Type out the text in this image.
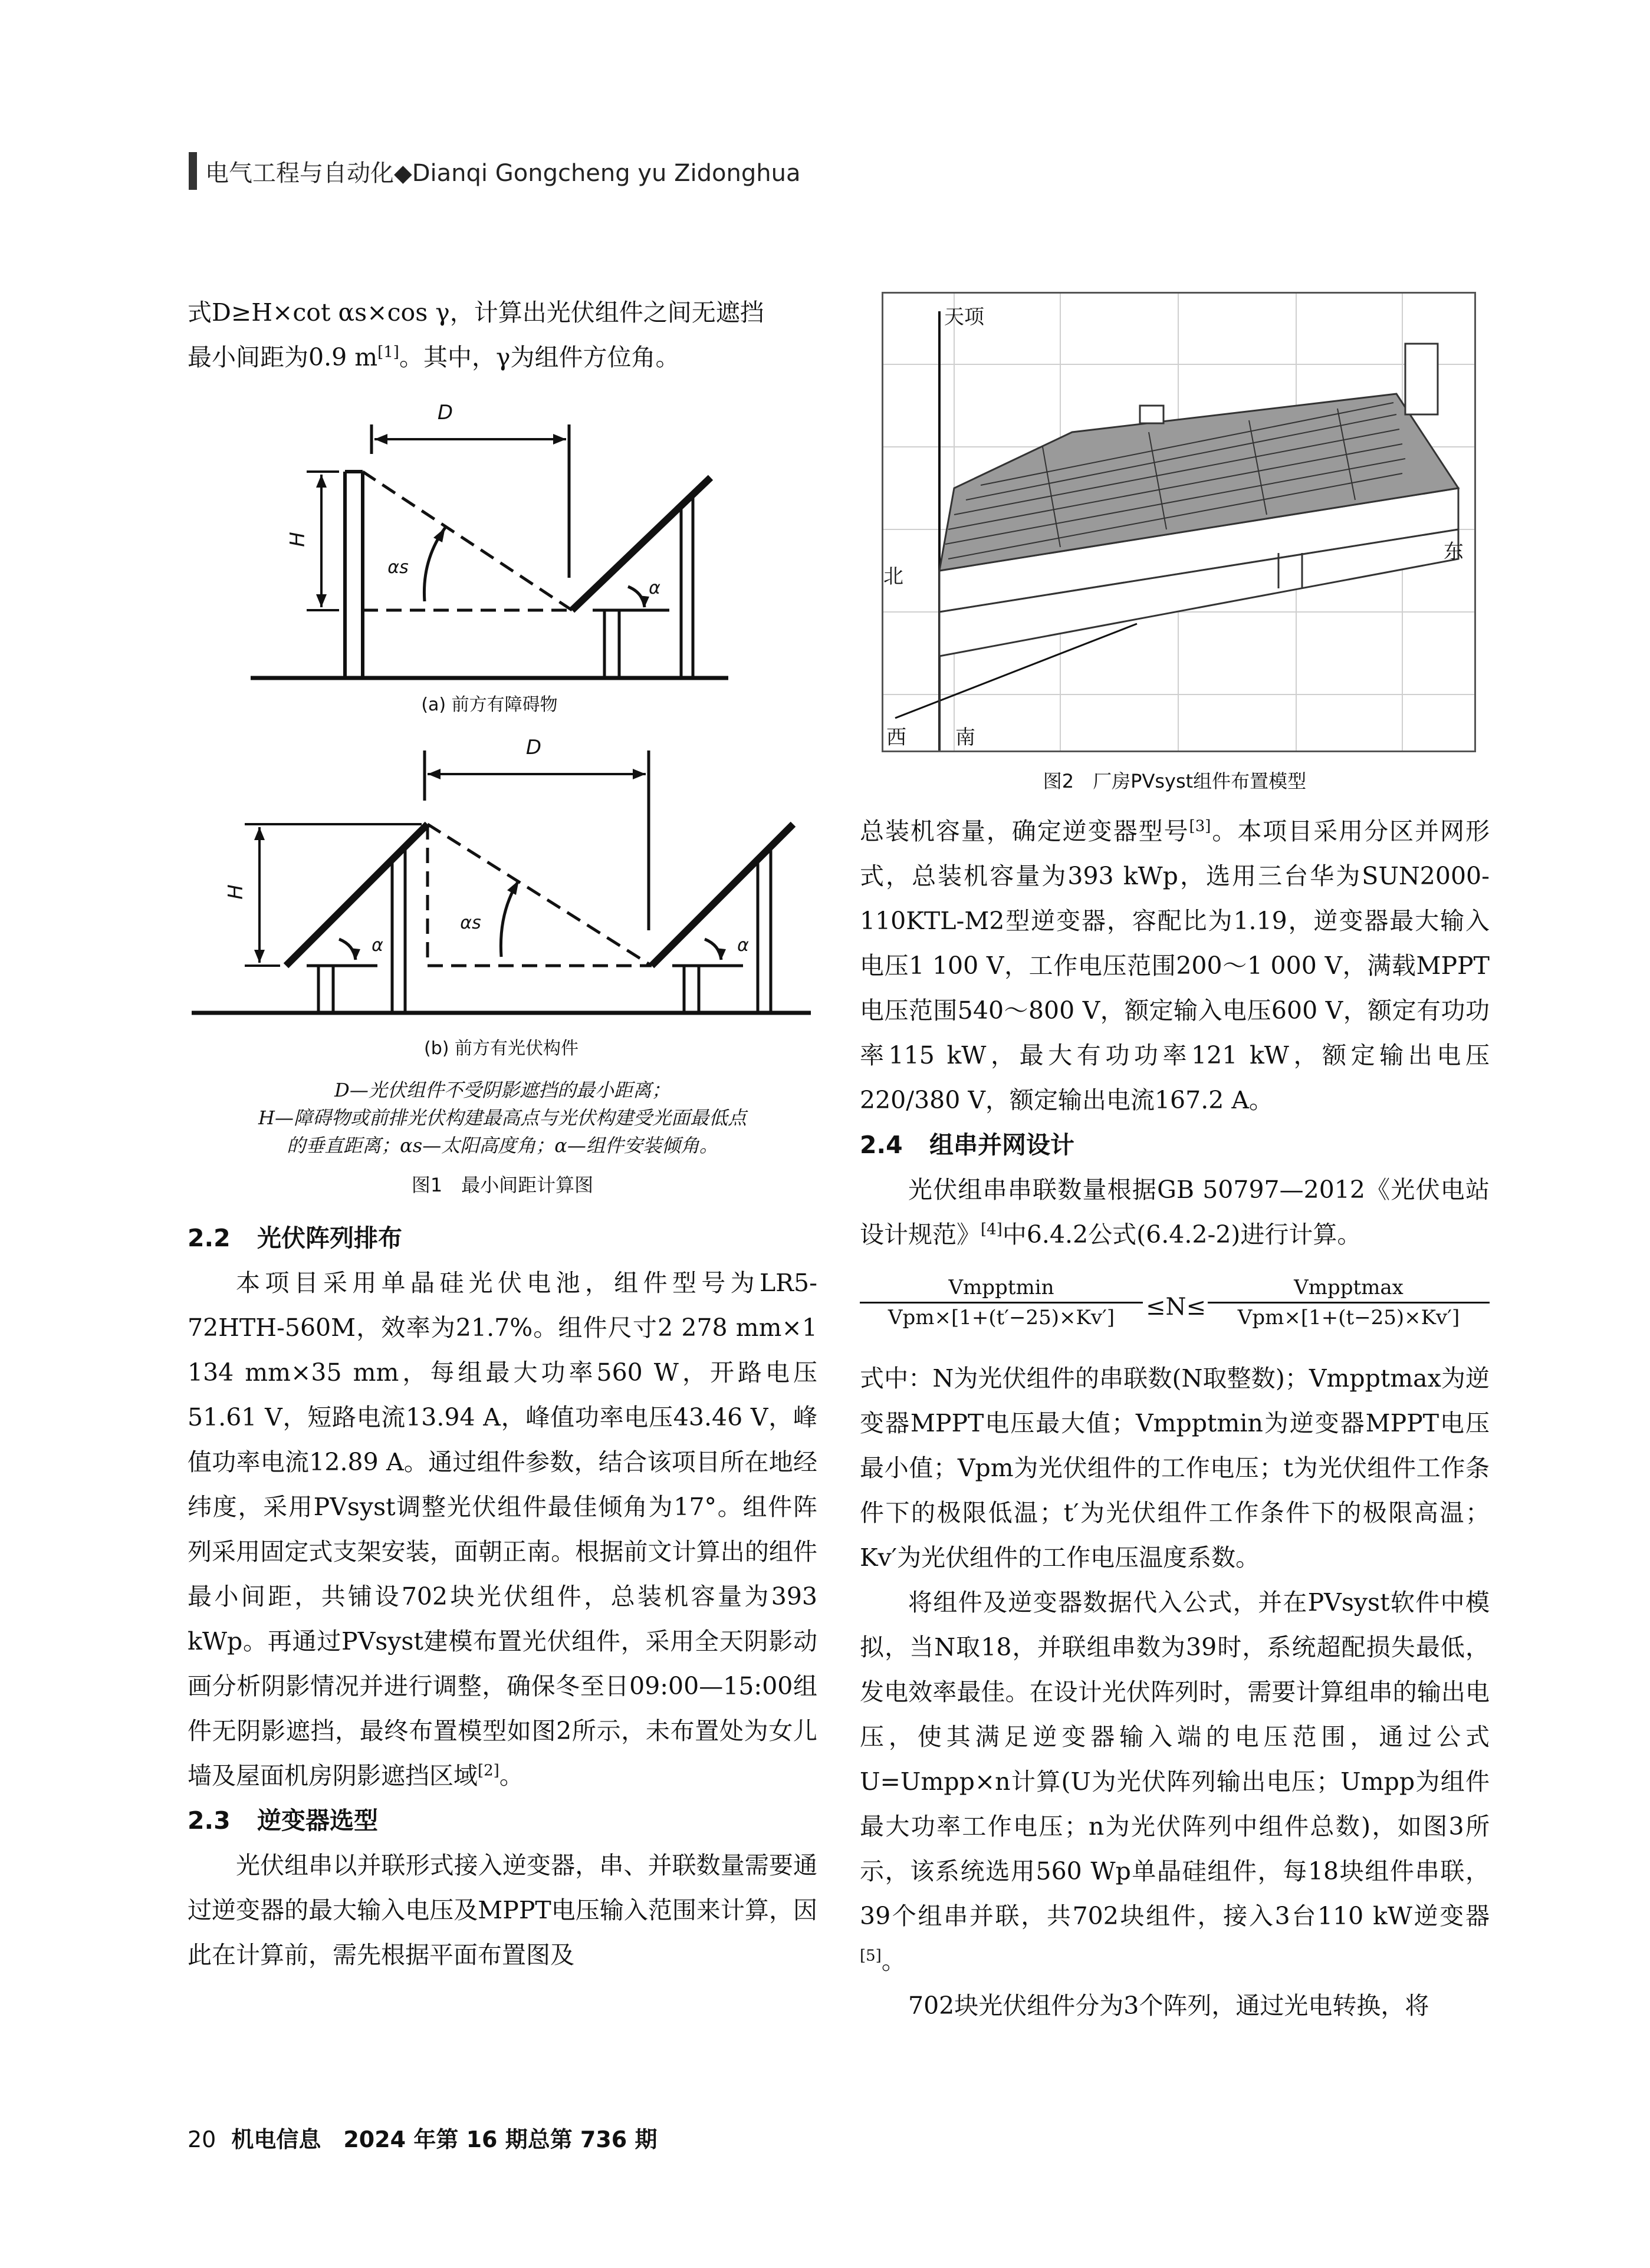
电气工程与自动化◆Dianqi Gongcheng yu Zidonghua

式D≥H×cot αs×cos γ，计算出光伏组件之间无遮挡

最小间距为0.9 m[1]。其中，γ为组件方位角。

D
H
αs
α
(a) 前方有障碍物
D
H
αs
α	α
(b) 前方有光伏构件
D—光伏组件不受阴影遮挡的最小距离；
H—障碍物或前排光伏构建最高点与光伏构建受光面最低点
的垂直距离；αs—太阳高度角；α—组件安装倾角。
图1　最小间距计算图
2.2 光伏阵列排布

本项目采用单晶硅光伏电池，组件型号为LR5-72HTH-560M，效率为21.7%。组件尺寸2 278 mm×1 134 mm×35 mm，每组最大功率560 W，开路电压51.61 V，短路电流13.94 A，峰值功率电压43.46 V，峰值功率电流12.89 A。通过组件参数，结合该项目所在地经纬度，采用PVsyst调整光伏组件最佳倾角为17°。组件阵列采用固定式支架安装，面朝正南。根据前文计算出的组件最小间距，共铺设702块光伏组件，总装机容量为393 kWp。再通过PVsyst建模布置光伏组件，采用全天阴影动画分析阴影情况并进行调整，确保冬至日09:00—15:00组件无阴影遮挡，最终布置模型如图2所示，未布置处为女儿墙及屋面机房阴影遮挡区域[2]。

2.3 逆变器选型

光伏组串以并联形式接入逆变器，串、并联数量需要通过逆变器的最大输入电压及MPPT电压输入范围来计算，因此在计算前，需先根据平面布置图及

天项
北
东
西	南
图2　厂房PVsyst组件布置模型

总装机容量，确定逆变器型号[3]。本项目采用分区并网形式，总装机容量为393 kWp，选用三台华为SUN2000-110KTL-M2型逆变器，容配比为1.19，逆变器最大输入电压1 100 V，工作电压范围200～1 000 V，满载MPPT电压范围540～800 V，额定输入电压600 V，额定有功功率115 kW，最大有功功率121 kW，额定输出电压220/380 V，额定输出电流167.2 A。

2.4 组串并网设计

光伏组串串联数量根据GB 50797—2012《光伏电站设计规范》[4]中6.4.2公式(6.4.2-2)进行计算。

Vmpptmin
Vpm×[1+(t′−25)×Kv′]	≤N≤
Vmpptmax
Vpm×[1+(t−25)×Kv′]

式中：N为光伏组件的串联数(N取整数)；Vmpptmax为逆变器MPPT电压最大值；Vmpptmin为逆变器MPPT电压最小值；Vpm为光伏组件的工作电压；t为光伏组件工作条件下的极限低温；t′为光伏组件工作条件下的极限高温；Kv′为光伏组件的工作电压温度系数。

将组件及逆变器数据代入公式，并在PVsyst软件中模拟，当N取18，并联组串数为39时，系统超配损失最低，发电效率最佳。在设计光伏阵列时，需要计算组串的输出电压，使其满足逆变器输入端的电压范围，通过公式U=Umpp×n计算(U为光伏阵列输出电压；Umpp为组件最大功率工作电压；n为光伏阵列中组件总数)，如图3所示，该系统选用560 Wp单晶硅组件，每18块组件串联，39个组串并联，共702块组件，接入3台110 kW逆变器[5]。

702块光伏组件分为3个阵列，通过光电转换，将

20 机电信息　2024 年第 16 期总第 736 期
